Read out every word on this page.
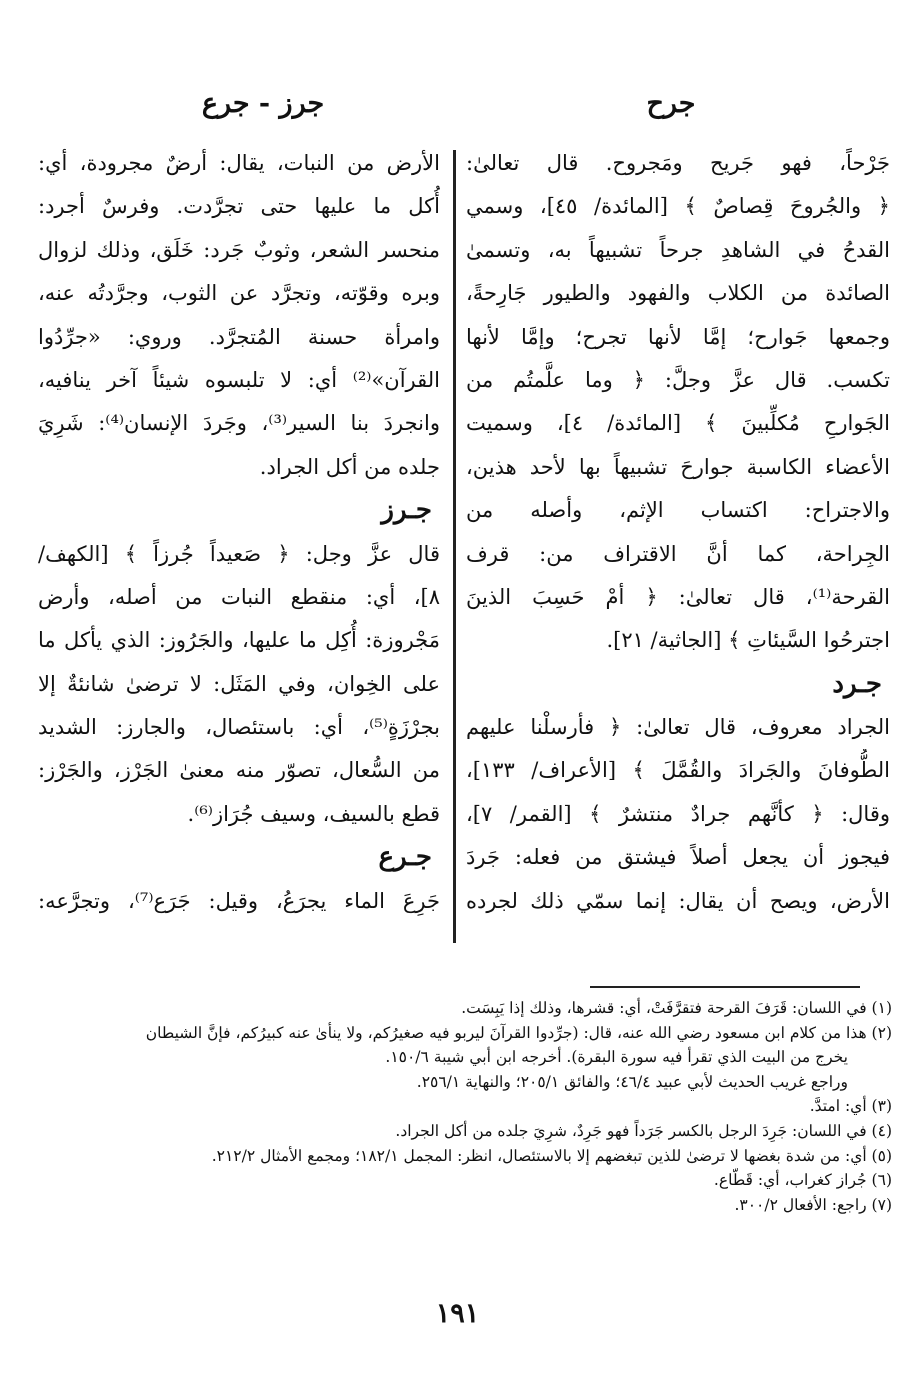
جرح
جرز - جرع
جَرْحاً، فهو جَريح ومَجروح. قال تعالىٰ:
﴿ والجُروحَ قِصاصٌ ﴾ [المائدة/ ٤٥]، وسمي
القدحُ في الشاهدِ جرحاً تشبيهاً به، وتسمىٰ
الصائدة من الكلاب والفهود والطيور جَارِحةً،
وجمعها جَوارح؛ إمَّا لأنها تجرح؛ وإمَّا لأنها
تكسب. قال عزَّ وجلَّ: ﴿ وما علَّمتُم من
الجَوارحِ مُكلِّبينَ ﴾ [المائدة/ ٤]، وسميت
الأعضاء الكاسبة جوارحَ تشبيهاً بها لأحد هذين،
والاجتراح: اكتساب الإثم، وأصله من
الجِراحة، كما أنَّ الاقتراف من: قرف
القرحة⁽¹⁾، قال تعالىٰ: ﴿ أمْ حَسِبَ الذينَ
اجترحُوا السَّيئاتِ ﴾ [الجاثية/ ٢١].
جـرد
الجراد معروف، قال تعالىٰ: ﴿ فأرسلْنا عليهم
الطُّوفانَ والجَرادَ والقُمَّلَ ﴾ [الأعراف/ ١٣٣]،
وقال: ﴿ كأنَّهم جرادٌ منتشرٌ ﴾ [القمر/ ٧]،
فيجوز أن يجعل أصلاً فيشتق من فعله: جَردَ
الأرض، ويصح أن يقال: إنما سمّي ذلك لجرده
الأرض من النبات، يقال: أرضٌ مجرودة، أي:
أُكل ما عليها حتى تجرَّدت. وفرسٌ أجرد:
منحسر الشعر، وثوبٌ جَرد: خَلَق، وذلك لزوال
وبره وقوّته، وتجرَّد عن الثوب، وجرَّدتُه عنه،
وامرأة حسنة المُتجرَّد. وروي: «جرِّدُوا
القرآن»⁽²⁾ أي: لا تلبسوه شيئاً آخر ينافيه،
وانجردَ بنا السير⁽³⁾، وجَردَ الإنسان⁽⁴⁾: شَرِيَ
جلده من أكل الجراد.
جـرز
قال عزَّ وجل: ﴿ صَعيداً جُرزاً ﴾ [الكهف/
٨]، أي: منقطع النبات من أصله، وأرض
مَجْروزة: أُكِل ما عليها، والجَرُوز: الذي يأكل ما
على الخِوان، وفي المَثَل: لا ترضىٰ شانئةٌ إلا
بجرْزَةٍ⁽⁵⁾، أي: باستئصال، والجارز: الشديد
من السُّعال، تصوّر منه معنىٰ الجَرْز، والجَرْز:
قطع بالسيف، وسيف جُرَاز⁽⁶⁾.
جـرع
جَرِعَ الماء يجرَعُ، وقيل: جَرَع⁽⁷⁾، وتجرَّعه:
(١) في اللسان: قَرَفَ القرحة فتقرَّفَتْ، أي: قشرها، وذلك إذا يَبِسَت.
(٢) هذا من كلام ابن مسعود رضي الله عنه، قال: (جرِّدوا القرآنَ ليربو فيه صغيرُكم، ولا ينأىٰ عنه كبيرُكم، فإنَّ الشيطان
يخرج من البيت الذي تقرأ فيه سورة البقرة). أخرجه ابن أبي شيبة ١٥٠/٦.
وراجع غريب الحديث لأبي عبيد ٤٦/٤؛ والفائق ٢٠٥/١؛ والنهاية ٢٥٦/١.
(٣) أي: امتدَّ.
(٤) في اللسان: جَرِدَ الرجل بالكسر جَرَداً فهو جَرِدٌ، شرِيَ جلده من أكل الجراد.
(٥) أي: من شدة بغضها لا ترضىٰ للذين تبغضهم إلا بالاستئصال، انظر: المجمل ١٨٢/١؛ ومجمع الأمثال ٢١٢/٢.
(٦) جُراز كغراب، أي: قَطَّاع.
(٧) راجع: الأفعال ٣٠٠/٢.
١٩١
